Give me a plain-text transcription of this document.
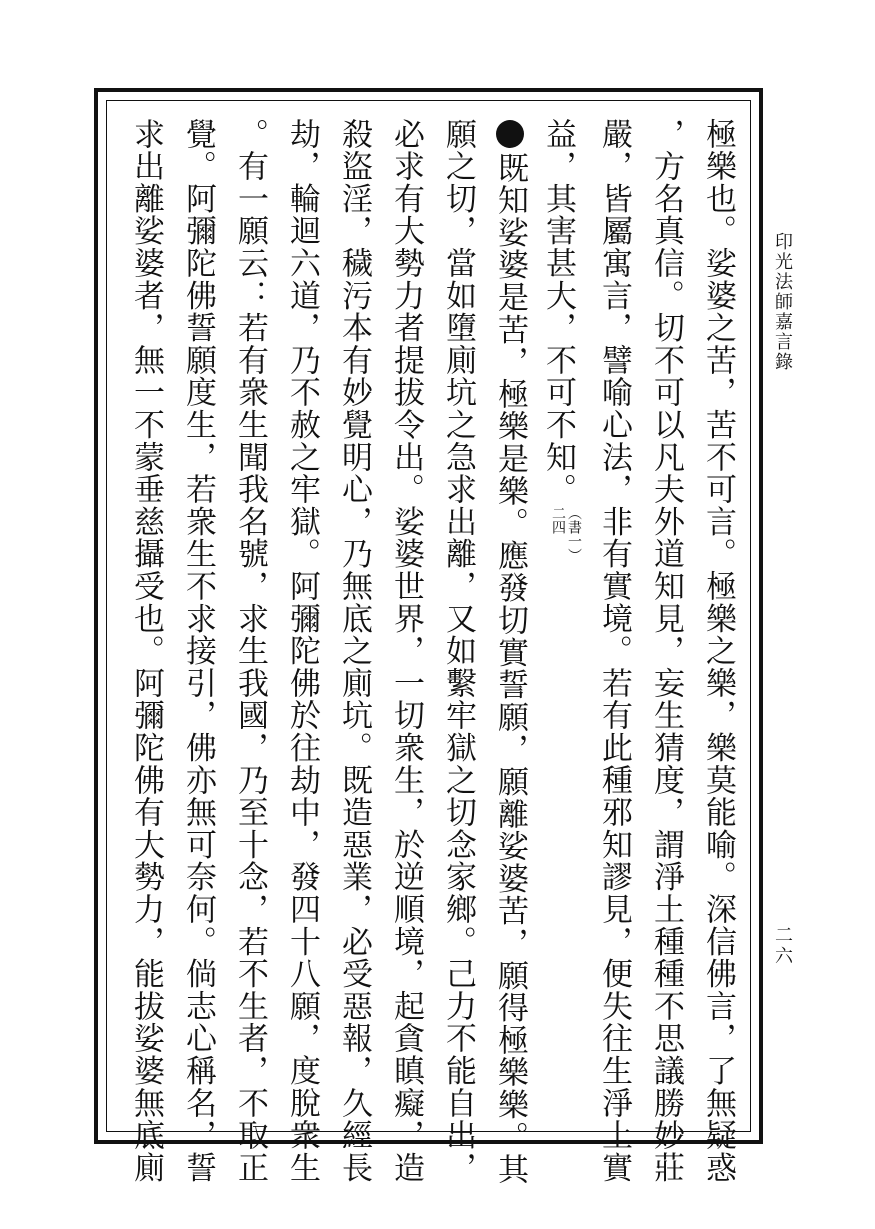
印光法師嘉言錄
二六
極樂也。娑婆之苦，苦不可言。極樂之樂，樂莫能喻。深信佛言，了無疑惑
，方名真信。切不可以凡夫外道知見，妄生猜度，謂淨土種種不思議勝妙莊
嚴，皆屬寓言，譬喻心法，非有實境。若有此種邪知謬見，便失往生淨土實
益，其害甚大，不可不知。
（書一）
二四
既知娑婆是苦，極樂是樂。應發切實誓願，願離娑婆苦，願得極樂樂。其
願之切，當如墮廁坑之急求出離，又如繫牢獄之切念家鄉。己力不能自出，
必求有大勢力者提拔令出。娑婆世界，一切衆生，於逆順境，起貪瞋癡，造
殺盜淫，穢污本有妙覺明心，乃無底之廁坑。既造惡業，必受惡報，久經長
劫，輪迴六道，乃不赦之牢獄。阿彌陀佛於往劫中，發四十八願，度脫衆生
。有一願云：若有衆生聞我名號，求生我國，乃至十念，若不生者，不取正
覺。阿彌陀佛誓願度生，若衆生不求接引，佛亦無可奈何。倘志心稱名，誓
求出離娑婆者，無一不蒙垂慈攝受也。阿彌陀佛有大勢力，能拔娑婆無底廁
